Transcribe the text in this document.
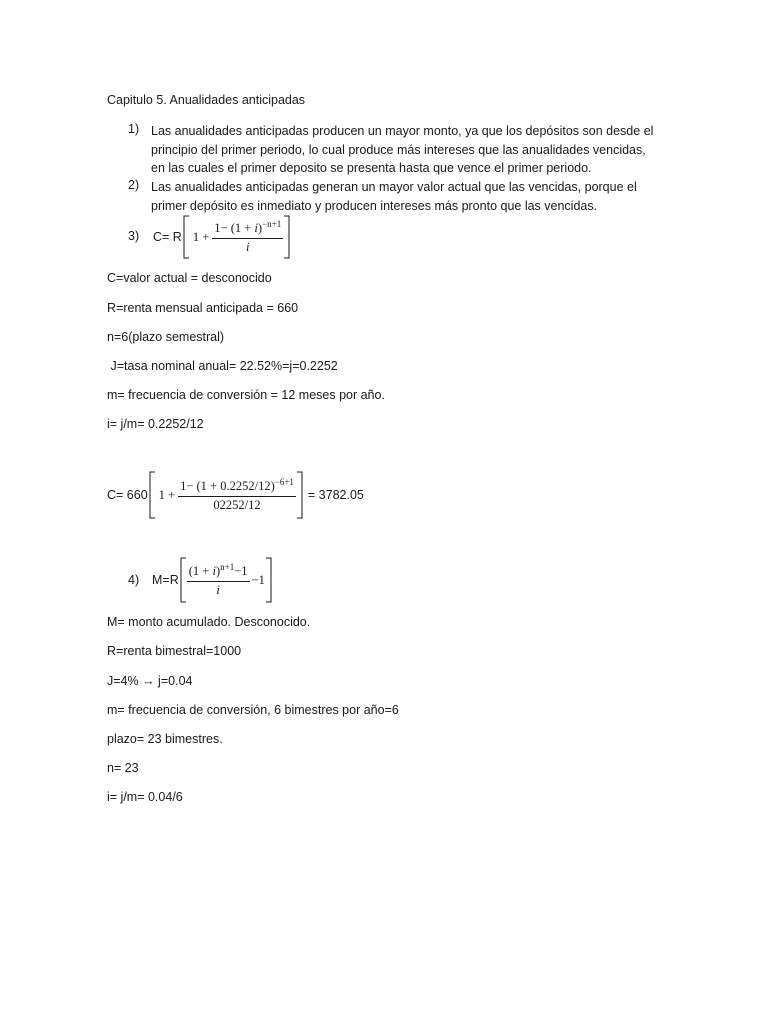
Capitulo 5. Anualidades anticipadas
1) Las anualidades anticipadas producen un mayor monto, ya que los depósitos son desde el
principio del primer periodo, lo cual produce más intereses que las anualidades vencidas,
en las cuales el primer deposito se presenta hasta que vence el primer periodo.
2) Las anualidades anticipadas generan un mayor valor actual que las vencidas, porque el
primer depósito es inmediato y producen intereses más pronto que las vencidas.
3) C= R $1 + \frac{1- (1 + i)^{-n+1}}{i}$
C=valor actual = desconocido
R=renta mensual anticipada = 660
n=6(plazo semestral)
J=tasa nominal anual= 22.52%=j=0.2252
m= frecuencia de conversión = 12 meses por año.
i= j/m= 0.2252/12
C= 660 $1 + \frac{1- (1 + 0.2252/12)^{-6+1}}{02252/12} = 3782.05$
4) $M=R \frac{(1 + i)^{n+1}-1}{i} -1$
M= monto acumulado. Desconocido.
R=renta bimestral=1000
J=4% → j=0.04
m= frecuencia de conversión, 6 bimestres por año=6
plazo= 23 bimestres.
n= 23
i= j/m= 0.04/6
